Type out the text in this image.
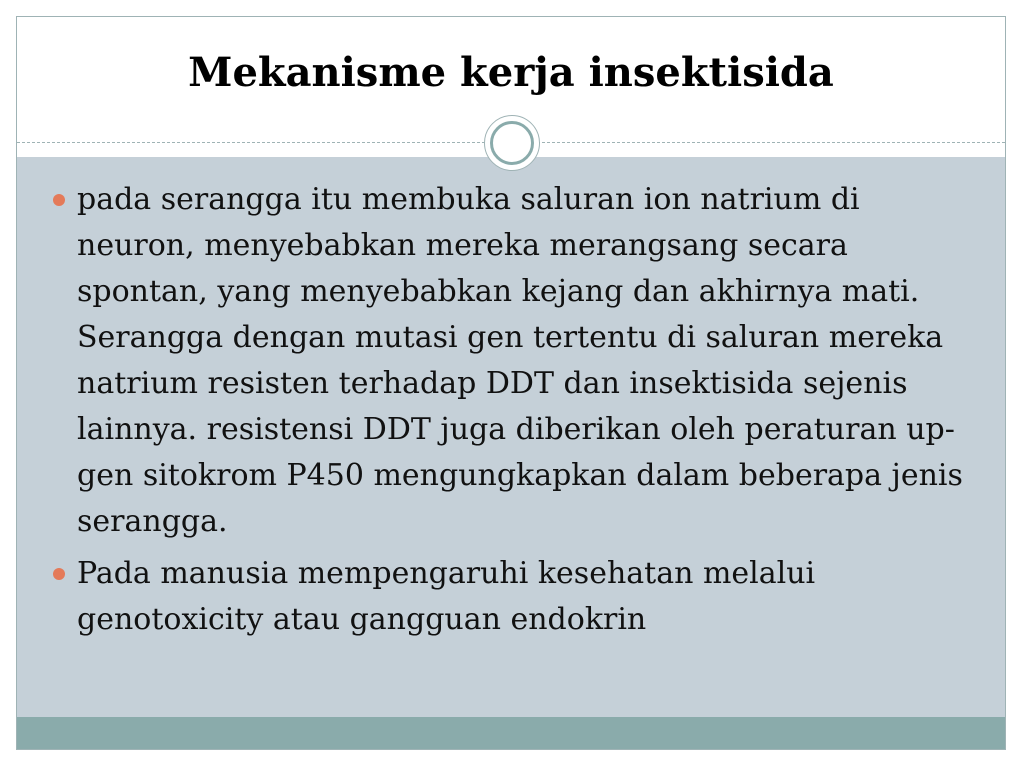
Mekanisme kerja insektisida
pada serangga itu membuka saluran ion natrium di neuron, menyebabkan mereka merangsang secara spontan, yang menyebabkan kejang dan akhirnya mati. Serangga dengan mutasi gen tertentu di saluran mereka natrium resisten terhadap DDT dan insektisida sejenis lainnya. resistensi DDT juga diberikan oleh peraturan up-gen sitokrom P450 mengungkapkan dalam beberapa jenis serangga.
Pada manusia mempengaruhi kesehatan melalui genotoxicity atau gangguan endokrin
